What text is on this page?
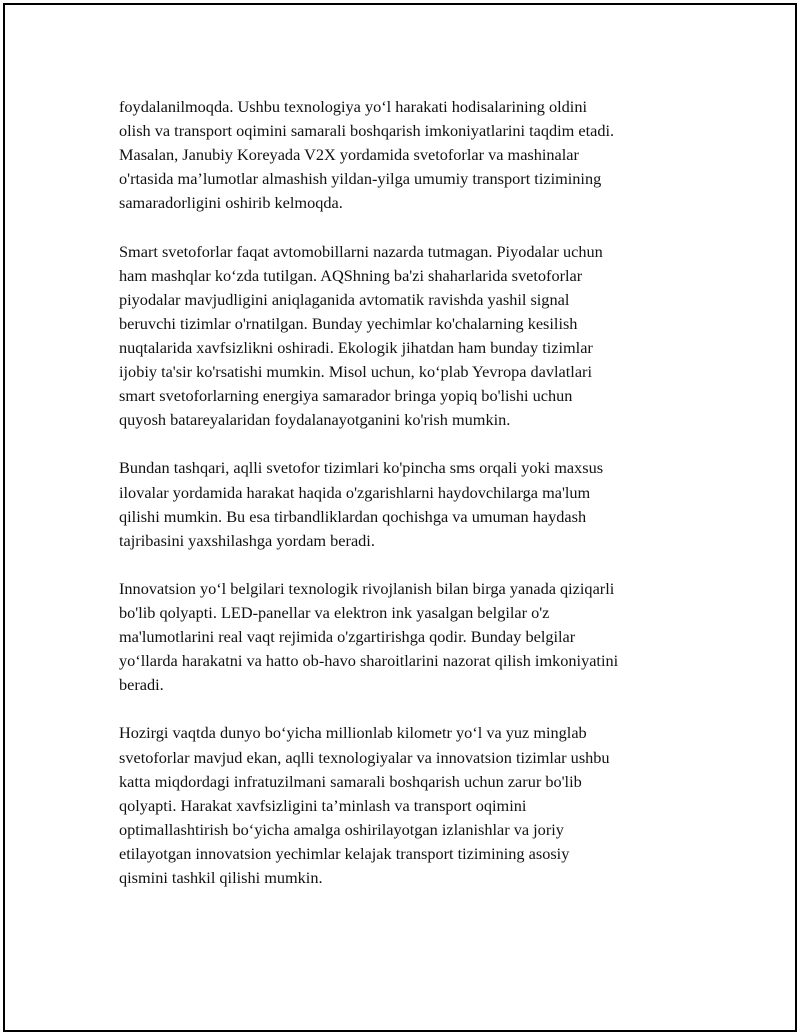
foydalanilmoqda. Ushbu texnologiya yo‘l harakati hodisalarining oldini
olish va transport oqimini samarali boshqarish imkoniyatlarini taqdim etadi.
Masalan, Janubiy Koreyada V2X yordamida svetoforlar va mashinalar
o'rtasida ma’lumotlar almashish yildan-yilga umumiy transport tizimining
samaradorligini oshirib kelmoqda.

Smart svetoforlar faqat avtomobillarni nazarda tutmagan. Piyodalar uchun
ham mashqlar ko‘zda tutilgan. AQShning ba'zi shaharlarida svetoforlar
piyodalar mavjudligini aniqlaganida avtomatik ravishda yashil signal
beruvchi tizimlar o'rnatilgan. Bunday yechimlar ko'chalarning kesilish
nuqtalarida xavfsizlikni oshiradi. Ekologik jihatdan ham bunday tizimlar
ijobiy ta'sir ko'rsatishi mumkin. Misol uchun, ko‘plab Yevropa davlatlari
smart svetoforlarning energiya samarador bringa yopiq bo'lishi uchun
quyosh batareyalaridan foydalanayotganini ko'rish mumkin.

Bundan tashqari, aqlli svetofor tizimlari ko'pincha sms orqali yoki maxsus
ilovalar yordamida harakat haqida o'zgarishlarni haydovchilarga ma'lum
qilishi mumkin. Bu esa tirbandliklardan qochishga va umuman haydash
tajribasini yaxshilashga yordam beradi.

Innovatsion yo‘l belgilari texnologik rivojlanish bilan birga yanada qiziqarli
bo'lib qolyapti. LED-panellar va elektron ink yasalgan belgilar o'z
ma'lumotlarini real vaqt rejimida o'zgartirishga qodir. Bunday belgilar
yo‘llarda harakatni va hatto ob-havo sharoitlarini nazorat qilish imkoniyatini
beradi.

Hozirgi vaqtda dunyo bo‘yicha millionlab kilometr yo‘l va yuz minglab
svetoforlar mavjud ekan, aqlli texnologiyalar va innovatsion tizimlar ushbu
katta miqdordagi infratuzilmani samarali boshqarish uchun zarur bo'lib
qolyapti. Harakat xavfsizligini ta’minlash va transport oqimini
optimallashtirish bo‘yicha amalga oshirilayotgan izlanishlar va joriy
etilayotgan innovatsion yechimlar kelajak transport tizimining asosiy
qismini tashkil qilishi mumkin.
